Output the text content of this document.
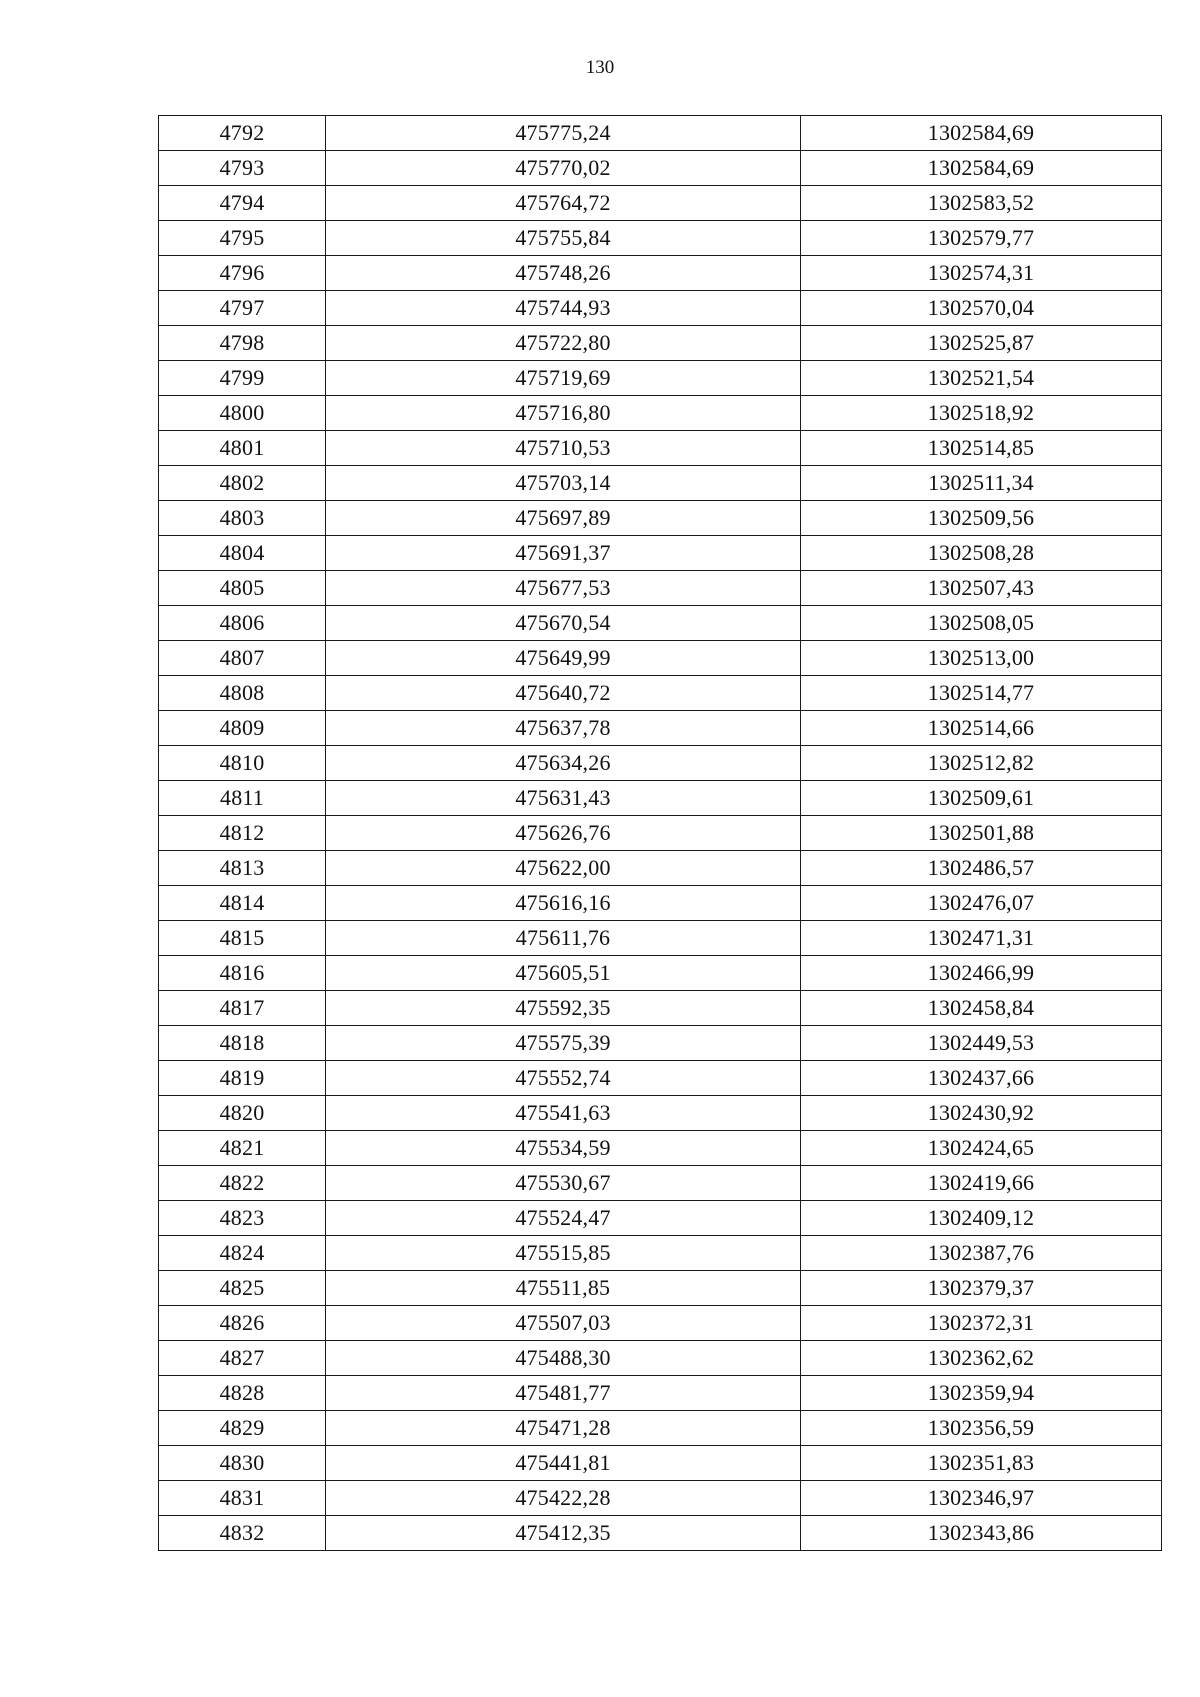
130
4792	475775,24	1302584,69
4793	475770,02	1302584,69
4794	475764,72	1302583,52
4795	475755,84	1302579,77
4796	475748,26	1302574,31
4797	475744,93	1302570,04
4798	475722,80	1302525,87
4799	475719,69	1302521,54
4800	475716,80	1302518,92
4801	475710,53	1302514,85
4802	475703,14	1302511,34
4803	475697,89	1302509,56
4804	475691,37	1302508,28
4805	475677,53	1302507,43
4806	475670,54	1302508,05
4807	475649,99	1302513,00
4808	475640,72	1302514,77
4809	475637,78	1302514,66
4810	475634,26	1302512,82
4811	475631,43	1302509,61
4812	475626,76	1302501,88
4813	475622,00	1302486,57
4814	475616,16	1302476,07
4815	475611,76	1302471,31
4816	475605,51	1302466,99
4817	475592,35	1302458,84
4818	475575,39	1302449,53
4819	475552,74	1302437,66
4820	475541,63	1302430,92
4821	475534,59	1302424,65
4822	475530,67	1302419,66
4823	475524,47	1302409,12
4824	475515,85	1302387,76
4825	475511,85	1302379,37
4826	475507,03	1302372,31
4827	475488,30	1302362,62
4828	475481,77	1302359,94
4829	475471,28	1302356,59
4830	475441,81	1302351,83
4831	475422,28	1302346,97
4832	475412,35	1302343,86
